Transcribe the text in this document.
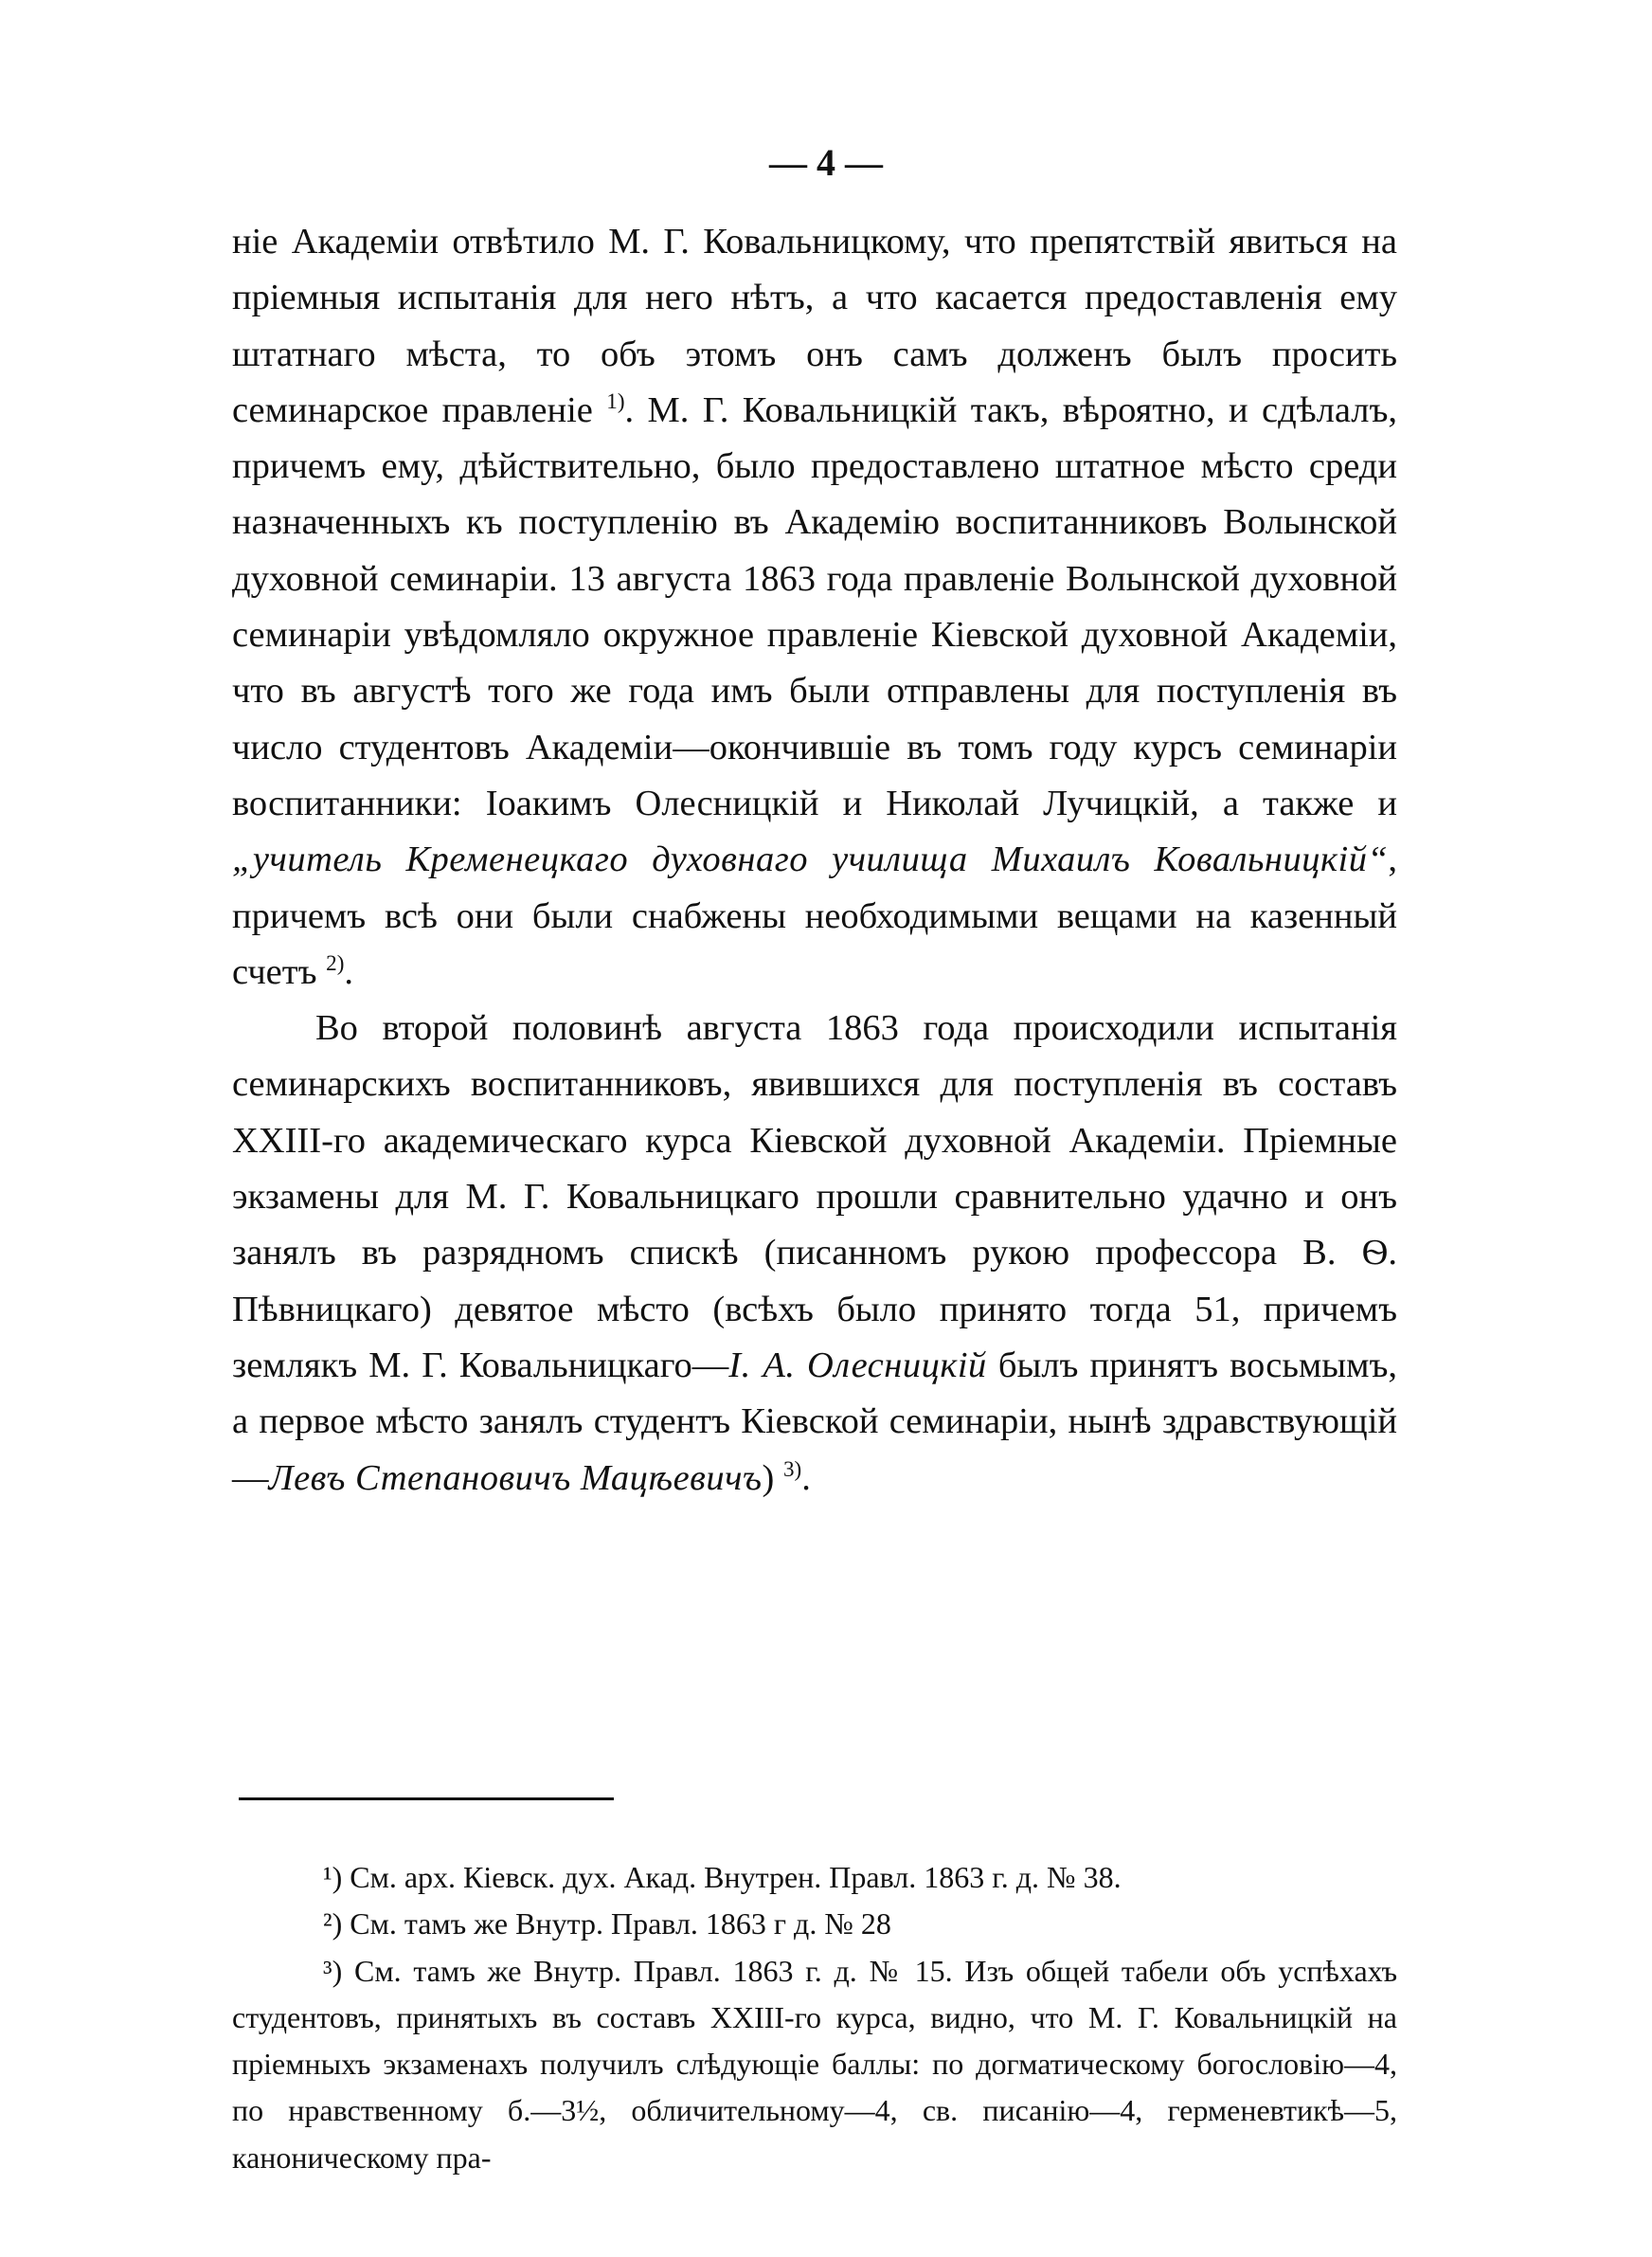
— 4 —

ніе Академіи отвѣтило М. Г. Ковальницкому, что препятствій явиться на пріемныя испытанія для него нѣтъ, а что касается предоставленія ему штатнаго мѣста, то объ этомъ онъ самъ долженъ былъ просить семинарское правленіе $^{1)}$. М. Г. Ковальницкій такъ, вѣроятно, и сдѣлалъ, причемъ ему, дѣйствительно, было предоставлено штатное мѣсто среди назначенныхъ къ поступленію въ Академію воспитанниковъ Волынской духовной семинаріи. 13 августа 1863 года правленіе Волынской духовной семинаріи увѣдомляло окружное правленіе Кіевской духовной Академіи, что въ августѣ того же года имъ были отправлены для поступленія въ число студентовъ Академіи—окончившіе въ томъ году курсъ семинаріи воспитанники: Іоакимъ Олесницкій и Николай Лучицкій, а также и „учитель Кременецкаго духовнаго училища Михаилъ Ковальницкій“, причемъ всѣ они были снабжены необходимыми вещами на казенный счетъ $^{2)}$.

Во второй половинѣ августа 1863 года происходили испытанія семинарскихъ воспитанниковъ, явившихся для поступленія въ составъ XXIII-го академическаго курса Кіевской духовной Академіи. Пріемные экзамены для М. Г. Ковальницкаго прошли сравнительно удачно и онъ занялъ въ разрядномъ спискѣ (писанномъ рукою профессора В. Ѳ. Пѣвницкаго) девятое мѣсто (всѣхъ было принято тогда 51, причемъ землякъ М. Г. Ковальницкаго—І. А. Олесницкій былъ принятъ восьмымъ, а первое мѣсто занялъ студентъ Кіевской семинаріи, нынѣ здравствующій—Левъ Степановичъ Мацѣевичъ) $^{3)}$.

¹) См. арх. Кіевск. дух. Акад. Внутрен. Правл. 1863 г. д. № 38.

²) См. тамъ же Внутр. Правл. 1863 г д. № 28

³) См. тамъ же Внутр. Правл. 1863 г. д. № 15. Изъ общей табели объ успѣхахъ студентовъ, принятыхъ въ составъ XXIII-го курса, видно, что М. Г. Ковальницкій на пріемныхъ экзаменахъ получилъ слѣдующіе баллы: по догматическому богословію—4, по нравственному б.—3½, обличительному—4, св. писанію—4, герменевтикѣ—5, каноническому пра-
